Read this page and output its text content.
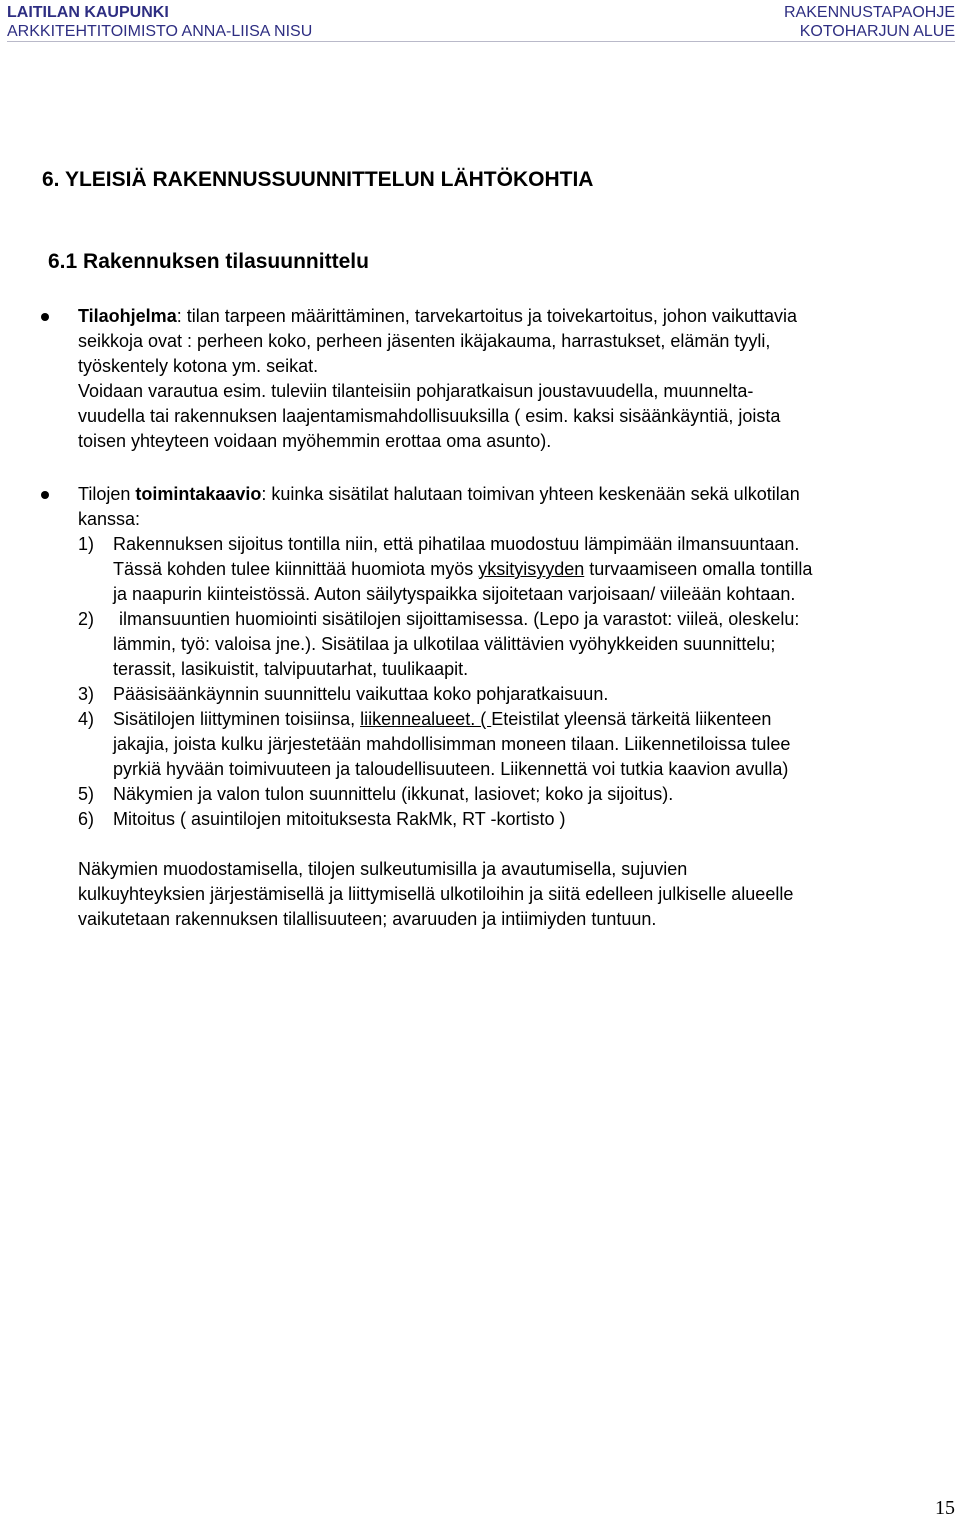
LAITILAN KAUPUNKI
ARKKITEHTITOIMISTO ANNA-LIISA NISU
RAKENNUSTAPAOHJE
KOTOHARJUN ALUE
6. YLEISIÄ RAKENNUSSUUNNITTELUN LÄHTÖKOHTIA
6.1 Rakennuksen tilasuunnittelu
Tilaohjelma: tilan tarpeen määrittäminen, tarvekartoitus ja toivekartoitus, johon vaikuttavia
seikkoja ovat : perheen koko, perheen jäsenten ikäjakauma, harrastukset, elämän tyyli,
työskentely kotona ym. seikat.
Voidaan varautua esim. tuleviin tilanteisiin pohjaratkaisun joustavuudella, muunnelta-
vuudella tai rakennuksen laajentamismahdollisuuksilla ( esim. kaksi sisäänkäyntiä, joista
toisen yhteyteen voidaan myöhemmin erottaa oma asunto).
Tilojen toimintakaavio: kuinka sisätilat halutaan toimivan yhteen keskenään sekä ulkotilan
kanssa:
1) Rakennuksen sijoitus tontilla niin, että pihatilaa muodostuu lämpimään ilmansuuntaan.
Tässä kohden tulee kiinnittää huomiota myös yksityisyyden turvaamiseen omalla tontilla
ja naapurin kiinteistössä. Auton säilytyspaikka sijoitetaan varjoisaan/ viileään kohtaan.
2) ilmansuuntien huomiointi sisätilojen sijoittamisessa. (Lepo ja varastot: viileä, oleskelu:
lämmin, työ: valoisa jne.). Sisätilaa ja ulkotilaa välittävien vyöhykkeiden suunnittelu;
terassit, lasikuistit, talvipuutarhat, tuulikaapit.
3) Pääsisäänkäynnin suunnittelu vaikuttaa koko pohjaratkaisuun.
4) Sisätilojen liittyminen toisiinsa, liikennealueet. ( Eteistilat yleensä tärkeitä liikenteen
jakajia, joista kulku järjestetään mahdollisimman moneen tilaan. Liikennetiloissa tulee
pyrkiä hyvään toimivuuteen ja taloudellisuuteen. Liikennettä voi tutkia kaavion avulla)
5) Näkymien ja valon tulon suunnittelu (ikkunat, lasiovet; koko ja sijoitus).
6) Mitoitus ( asuintilojen mitoituksesta RakMk, RT -kortisto )
Näkymien muodostamisella, tilojen sulkeutumisilla ja avautumisella, sujuvien
kulkuyhteyksien järjestämisellä ja liittymisellä ulkotiloihin ja siitä edelleen julkiselle alueelle
vaikutetaan rakennuksen tilallisuuteen; avaruuden ja intiimiyden tuntuun.
15
